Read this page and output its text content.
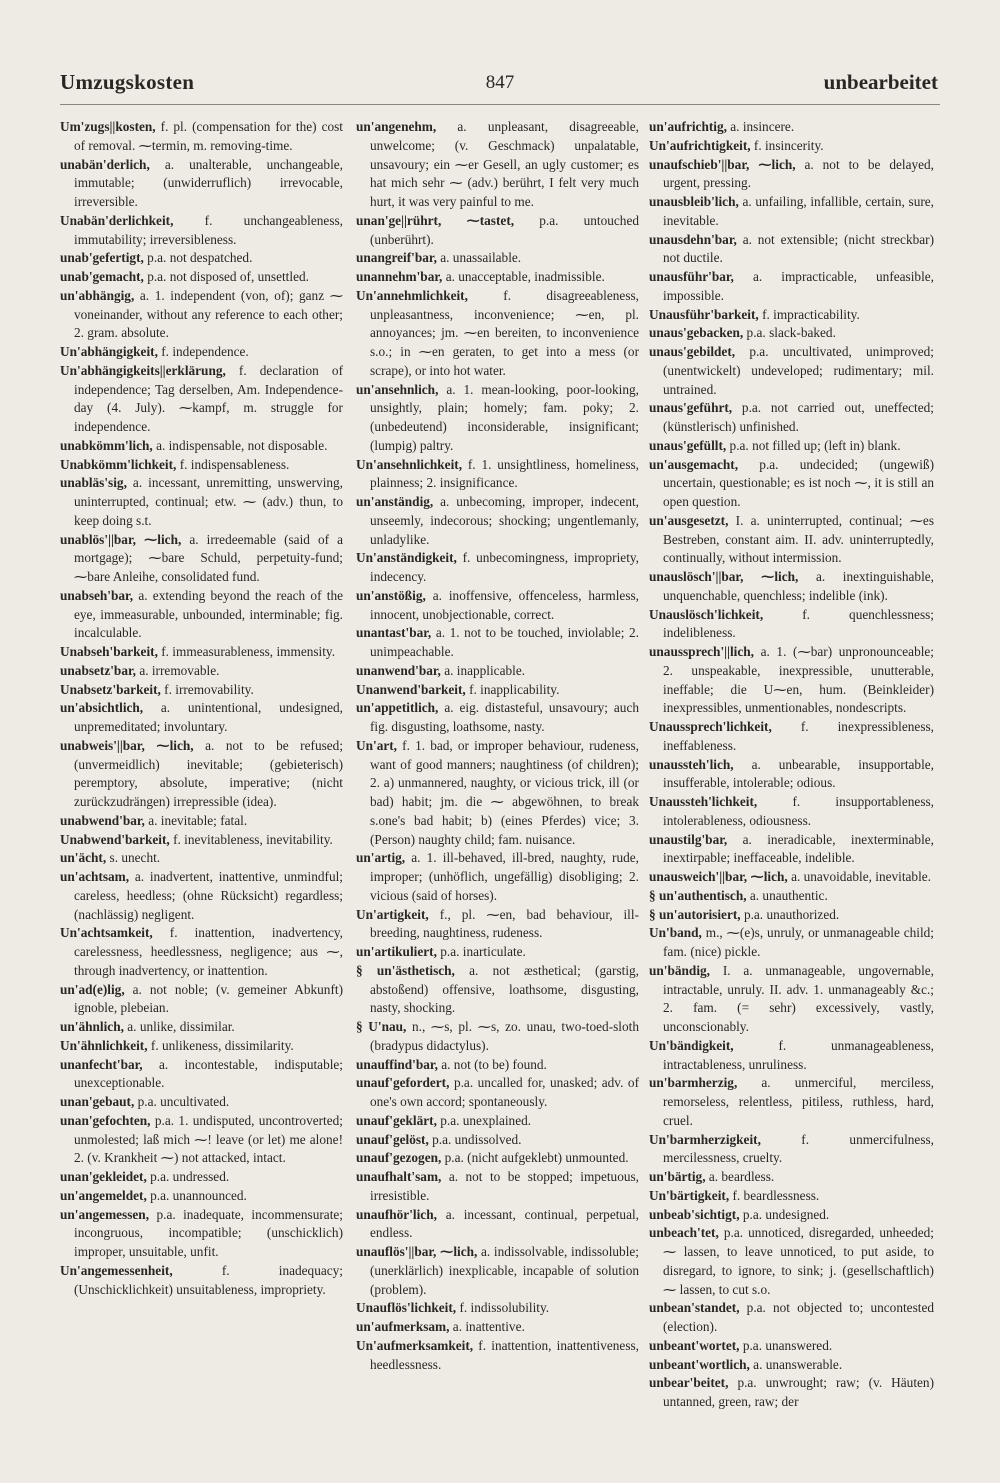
Umzugskosten	847	unbearbeitet

Um'zugs||kosten, f. pl. (compensation for the) cost of removal. ⁓termin, m. removing-time.

unabän'derlich, a. unalterable, unchangeable, immutable; (unwiderruflich) irrevocable, irreversible.

Unabän'derlichkeit, f. unchangeableness, immutability; irreversibleness.

unab'gefertigt, p.a. not despatched.

unab'gemacht, p.a. not disposed of, unsettled.

un'abhängig, a. 1. independent (von, of); ganz ⁓ voneinander, without any reference to each other; 2. gram. absolute.

Un'abhängigkeit, f. independence.

Un'abhängigkeits||erklärung, f. declaration of independence; Tag derselben, Am. Independence-day (4. July). ⁓kampf, m. struggle for independence.

unabkömm'lich, a. indispensable, not disposable.

Unabkömm'lichkeit, f. indispensableness.

unabläs'sig, a. incessant, unremitting, unswerving, uninterrupted, continual; etw. ⁓ (adv.) thun, to keep doing s.t.

unablös'||bar, ⁓lich, a. irredeemable (said of a mortgage); ⁓bare Schuld, perpetuity-fund; ⁓bare Anleihe, consolidated fund.

unabseh'bar, a. extending beyond the reach of the eye, immeasurable, unbounded, interminable; fig. incalculable.

Unabseh'barkeit, f. immeasurableness, immensity.

unabsetz'bar, a. irremovable.

Unabsetz'barkeit, f. irremovability.

un'absichtlich, a. unintentional, undesigned, unpremeditated; involuntary.

unabweis'||bar, ⁓lich, a. not to be refused; (unvermeidlich) inevitable; (gebieterisch) peremptory, absolute, imperative; (nicht zurückzudrängen) irrepressible (idea).

unabwend'bar, a. inevitable; fatal.

Unabwend'barkeit, f. inevitableness, inevitability.

un'ächt, s. unecht.

un'achtsam, a. inadvertent, inattentive, unmindful; careless, heedless; (ohne Rücksicht) regardless; (nachlässig) negligent.

Un'achtsamkeit, f. inattention, inadvertency, carelessness, heedlessness, negligence; aus ⁓, through inadvertency, or inattention.

un'ad(e)lig, a. not noble; (v. gemeiner Abkunft) ignoble, plebeian.

un'ähnlich, a. unlike, dissimilar.

Un'ähnlichkeit, f. unlikeness, dissimilarity.

unanfecht'bar, a. incontestable, indisputable; unexceptionable.

unan'gebaut, p.a. uncultivated.

unan'gefochten, p.a. 1. undisputed, uncontroverted; unmolested; laß mich ⁓! leave (or let) me alone! 2. (v. Krankheit ⁓) not attacked, intact.

unan'gekleidet, p.a. undressed.

un'angemeldet, p.a. unannounced.

un'angemessen, p.a. inadequate, incommensurate; incongruous, incompatible; (unschicklich) improper, unsuitable, unfit.

Un'angemessenheit,	f. inadequacy; (Unschicklichkeit) unsuitableness, impropriety.

un'angenehm, a. unpleasant, disagreeable, unwelcome; (v. Geschmack) unpalatable, unsavoury; ein ⁓er Gesell, an ugly customer; es hat mich sehr ⁓ (adv.) berührt, I felt very much hurt, it was very painful to me.

unan'ge||rührt, ⁓tastet, p.a. untouched (unberührt).

unangreif'bar, a. unassailable.

unannehm'bar, a. unacceptable, inadmissible.

Un'annehmlichkeit,	f. disagreeableness, unpleasantness, inconvenience; ⁓en, pl. annoyances; jm. ⁓en bereiten, to inconvenience s.o.; in ⁓en geraten, to get into a mess (or scrape), or into hot water.

un'ansehnlich, a. 1. mean-looking, poor-looking, unsightly, plain; homely; fam. poky; 2. (unbedeutend) inconsiderable, insignificant; (lumpig) paltry.

Un'ansehnlichkeit, f. 1. unsightliness, homeliness, plainness; 2. insignificance.

un'anständig, a. unbecoming, improper, indecent, unseemly, indecorous; shocking; ungentlemanly, unladylike.

Un'anständigkeit, f. unbecomingness, impropriety, indecency.

un'anstößig, a. inoffensive, offenceless, harmless, innocent, unobjectionable, correct.

unantast'bar, a. 1. not to be touched, inviolable; 2. unimpeachable.

unanwend'bar, a. inapplicable.

Unanwend'barkeit, f. inapplicability.

un'appetitlich, a. eig. distasteful, unsavoury; auch fig. disgusting, loathsome, nasty.

Un'art, f. 1. bad, or improper behaviour, rudeness, want of good manners; naughtiness (of children); 2. a) unmannered, naughty, or vicious trick, ill (or bad) habit; jm. die ⁓ abgewöhnen, to break s.one's bad habit; b) (eines Pferdes) vice; 3. (Person) naughty child; fam. nuisance.

un'artig, a. 1. ill-behaved, ill-bred, naughty, rude, improper; (unhöflich, ungefällig) disobliging; 2. vicious (said of horses).

Un'artigkeit, f., pl. ⁓en, bad behaviour, ill-breeding, naughtiness, rudeness.

un'artikuliert, p.a. inarticulate.

§ un'ästhetisch, a. not æsthetical; (garstig, abstoßend) offensive, loathsome, disgusting, nasty, shocking.

§ U'nau, n., ⁓s, pl. ⁓s, zo. unau, two-toed-sloth (bradypus didactylus).

unauffind'bar, a. not (to be) found.

unauf'gefordert, p.a. uncalled for, unasked; adv. of one's own accord; spontaneously.

unauf'geklärt, p.a. unexplained.

unauf'gelöst, p.a. undissolved.

unauf'gezogen, p.a. (nicht aufgeklebt) unmounted.

unaufhalt'sam, a. not to be stopped; impetuous, irresistible.

unaufhör'lich, a. incessant, continual, perpetual, endless.

unauflös'||bar, ⁓lich, a. indissolvable, indissoluble; (unerklärlich) inexplicable, incapable of solution (problem).

Unauflös'lichkeit, f. indissolubility.

un'aufmerksam, a. inattentive.

Un'aufmerksamkeit, f. inattention, inattentiveness, heedlessness.

un'aufrichtig, a. insincere.

Un'aufrichtigkeit, f. insincerity.

unaufschieb'||bar, ⁓lich, a. not to be delayed, urgent, pressing.

unausbleib'lich, a. unfailing, infallible, certain, sure, inevitable.

unausdehn'bar, a. not extensible; (nicht streckbar) not ductile.

unausführ'bar, a. impracticable, unfeasible, impossible.

Unausführ'barkeit, f. impracticability.

unaus'gebacken, p.a. slack-baked.

unaus'gebildet, p.a. uncultivated, unimproved; (unentwickelt) undeveloped; rudimentary; mil. untrained.

unaus'geführt, p.a. not carried out, uneffected; (künstlerisch) unfinished.

unaus'gefüllt, p.a. not filled up; (left in) blank.

un'ausgemacht, p.a. undecided; (ungewiß) uncertain, questionable; es ist noch ⁓, it is still an open question.

un'ausgesetzt, I. a. uninterrupted, continual; ⁓es Bestreben, constant aim. II. adv. uninterruptedly, continually, without intermission.

unauslösch'||bar, ⁓lich, a. inextinguishable, unquenchable, quenchless; indelible (ink).

Unauslösch'lichkeit,	f. quenchlessness; indelibleness.

unaussprech'||lich, a. 1. (⁓bar) unpronounceable; 2. unspeakable, inexpressible, unutterable, ineffable; die U⁓en, hum. (Beinkleider) inexpressibles, unmentionables, nondescripts.

Unaussprech'lichkeit, f. inexpressibleness, ineffableness.

unaussteh'lich, a. unbearable, insupportable, insufferable, intolerable; odious.

Unaussteh'lichkeit,	f. insupportableness, intolerableness, odiousness.

unaustilg'bar, a. ineradicable, inexterminable, inextirpable; ineffaceable, indelible.

unausweich'||bar, ⁓lich, a. unavoidable, inevitable.

§ un'authentisch, a. unauthentic.

§ un'autorisiert, p.a. unauthorized.

Un'band, m., ⁓(e)s, unruly, or unmanageable child; fam. (nice) pickle.

un'bändig, I. a. unmanageable, ungovernable, intractable, unruly. II. adv. 1. unmanageably &c.; 2. fam. (= sehr) excessively, vastly, unconscionably.

Un'bändigkeit,	f. unmanageableness, intractableness, unruliness.

un'barmherzig, a. unmerciful, merciless, remorseless, relentless, pitiless, ruthless, hard, cruel.

Un'barmherzigkeit,	f. unmercifulness, mercilessness, cruelty.

un'bärtig, a. beardless.

Un'bärtigkeit, f. beardlessness.

unbeab'sichtigt, p.a. undesigned.

unbeach'tet, p.a. unnoticed, disregarded, unheeded; ⁓ lassen, to leave unnoticed, to put aside, to disregard, to ignore, to sink; j. (gesellschaftlich) ⁓ lassen, to cut s.o.

unbean'standet, p.a. not objected to; uncontested (election).

unbeant'wortet, p.a. unanswered.

unbeant'wortlich, a. unanswerable.

unbear'beitet, p.a. unwrought; raw; (v. Häuten) untanned, green, raw; der
